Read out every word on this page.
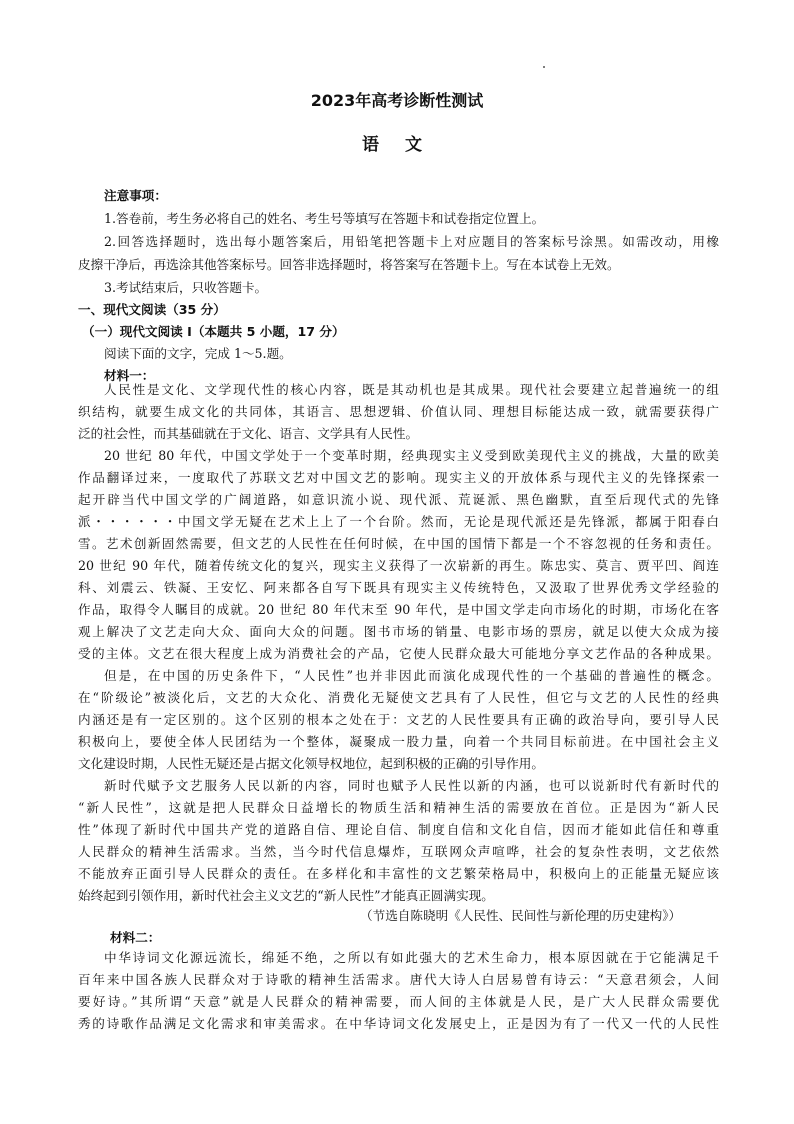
2023年高考诊断性测试
语 文
注意事项：
1.答卷前，考生务必将自己的姓名、考生号等填写在答题卡和试卷指定位置上。
2.回答选择题时，选出每小题答案后，用铅笔把答题卡上对应题目的答案标号涂黑。如需改动，用橡
皮擦干净后，再选涂其他答案标号。回答非选择题时，将答案写在答题卡上。写在本试卷上无效。
3.考试结束后，只收答题卡。
一、现代文阅读（35 分）
（一）现代文阅读 I（本题共 5 小题，17 分）
阅读下面的文字，完成 1～5.题。
材料一：
人民性是文化、文学现代性的核心内容，既是其动机也是其成果。现代社会要建立起普遍统一的组
织结构，就要生成文化的共同体，其语言、思想逻辑、价值认同、理想目标能达成一致，就需要获得广
泛的社会性，而其基础就在于文化、语言、文学具有人民性。
20 世纪 80 年代，中国文学处于一个变革时期，经典现实主义受到欧美现代主义的挑战，大量的欧美
作品翻译过来，一度取代了苏联文艺对中国文艺的影响。现实主义的开放体系与现代主义的先锋探索一
起开辟当代中国文学的广阔道路，如意识流小说、现代派、荒诞派、黑色幽默，直至后现代式的先锋
派・・・・・・中国文学无疑在艺术上上了一个台阶。然而，无论是现代派还是先锋派，都属于阳春白
雪。艺术创新固然需要，但文艺的人民性在任何时候，在中国的国情下都是一个不容忽视的任务和责任。
20 世纪 90 年代，随着传统文化的复兴，现实主义获得了一次崭新的再生。陈忠实、莫言、贾平凹、阎连
科、刘震云、铁凝、王安忆、阿来都各自写下既具有现实主义传统特色，又汲取了世界优秀文学经验的
作品，取得令人瞩目的成就。20 世纪 80 年代末至 90 年代，是中国文学走向市场化的时期，市场化在客
观上解决了文艺走向大众、面向大众的问题。图书市场的销量、电影市场的票房，就足以使大众成为接
受的主体。文艺在很大程度上成为消费社会的产品，它使人民群众最大可能地分享文艺作品的各种成果。
但是，在中国的历史条件下，“人民性”也并非因此而演化成现代性的一个基础的普遍性的概念。
在“阶级论”被淡化后，文艺的大众化、消费化无疑使文艺具有了人民性，但它与文艺的人民性的经典
内涵还是有一定区别的。这个区别的根本之处在于：文艺的人民性要具有正确的政治导向，要引导人民
积极向上，要使全体人民团结为一个整体，凝聚成一股力量，向着一个共同目标前进。在中国社会主义
文化建设时期，人民性无疑还是占据文化领导权地位，起到积极的正确的引导作用。
新时代赋予文艺服务人民以新的内容，同时也赋予人民性以新的内涵，也可以说新时代有新时代的
“新人民性”，这就是把人民群众日益增长的物质生活和精神生活的需要放在首位。正是因为“新人民
性”体现了新时代中国共产党的道路自信、理论自信、制度自信和文化自信，因而才能如此信任和尊重
人民群众的精神生活需求。当然，当今时代信息爆炸，互联网众声喧哗，社会的复杂性表明，文艺依然
不能放弃正面引导人民群众的责任。在多样化和丰富性的文艺繁荣格局中，积极向上的正能量无疑应该
始终起到引领作用，新时代社会主义文艺的“新人民性”才能真正圆满实现。
（节选自陈晓明《人民性、民间性与新伦理的历史建构》）
材料二：
中华诗词文化源远流长，绵延不绝，之所以有如此强大的艺术生命力，根本原因就在于它能满足千
百年来中国各族人民群众对于诗歌的精神生活需求。唐代大诗人白居易曾有诗云：“天意君须会，人间
要好诗。”其所谓“天意”就是人民群众的精神需要，而人间的主体就是人民，是广大人民群众需要优
秀的诗歌作品满足文化需求和审美需求。在中华诗词文化发展史上，正是因为有了一代又一代的人民性
